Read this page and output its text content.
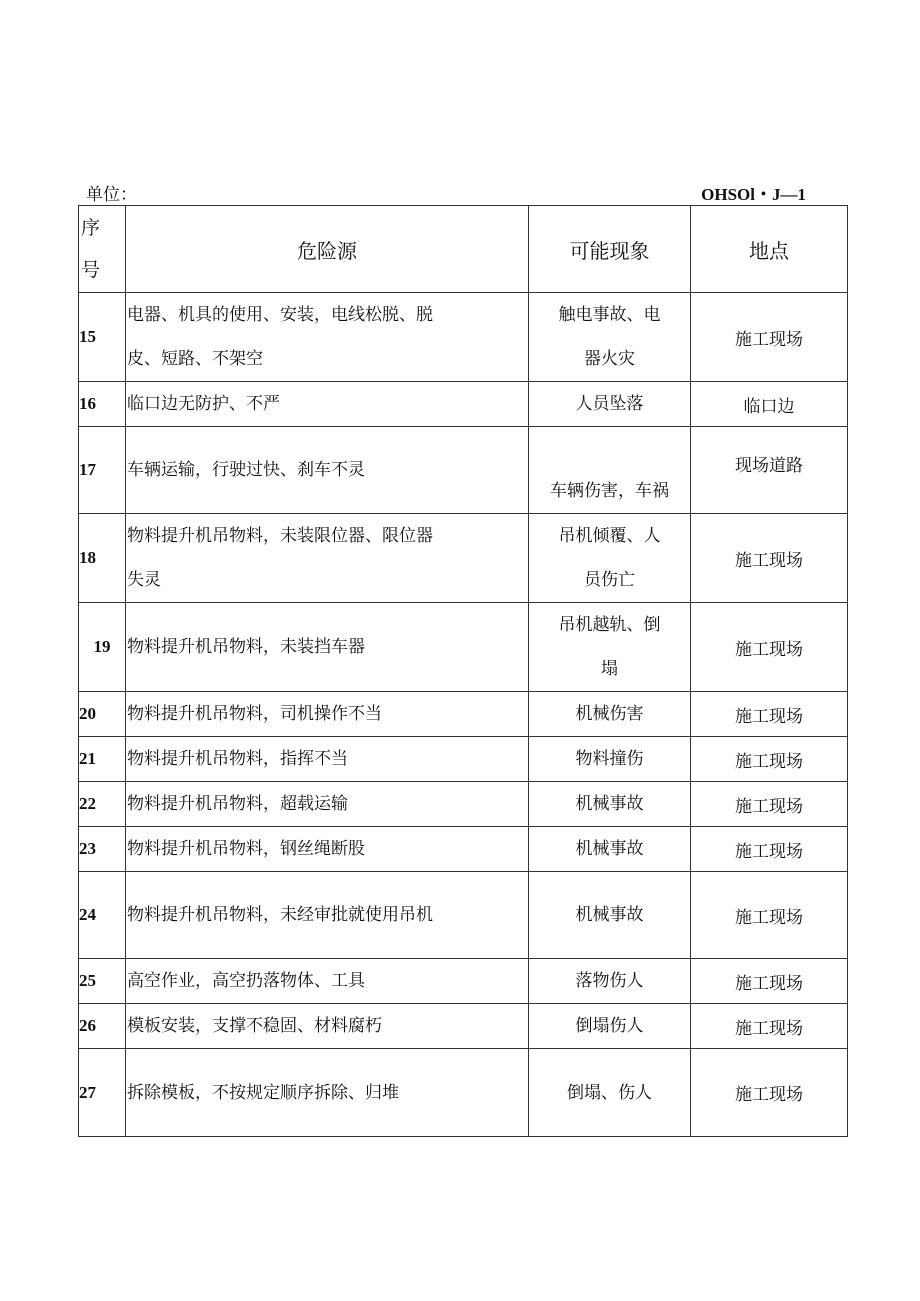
单位：	OHSOl・J—1
序
号	危险源	可能现象	地点
15	电器、机具的使用、安装，电线松脱、脱皮、短路、不架空	触电事故、电器火灾	施工现场
16	临口边无防护、不严	人员坠落	临口边
17	车辆运输，行驶过快、刹车不灵	车辆伤害，车祸	现场道路
18	物料提升机吊物料，未装限位器、限位器失灵	吊机倾覆、人员伤亡	施工现场
19	物料提升机吊物料，未装挡车器	吊机越轨、倒塌	施工现场
20	物料提升机吊物料，司机操作不当	机械伤害	施工现场
21	物料提升机吊物料，指挥不当	物料撞伤	施工现场
22	物料提升机吊物料，超载运输	机械事故	施工现场
23	物料提升机吊物料，钢丝绳断股	机械事故	施工现场
24	物料提升机吊物料，未经审批就使用吊机	机械事故	施工现场
25	高空作业，高空扔落物体、工具	落物伤人	施工现场
26	模板安装，支撑不稳固、材料腐朽	倒塌伤人	施工现场
27	拆除模板，不按规定顺序拆除、归堆	倒塌、伤人	施工现场
